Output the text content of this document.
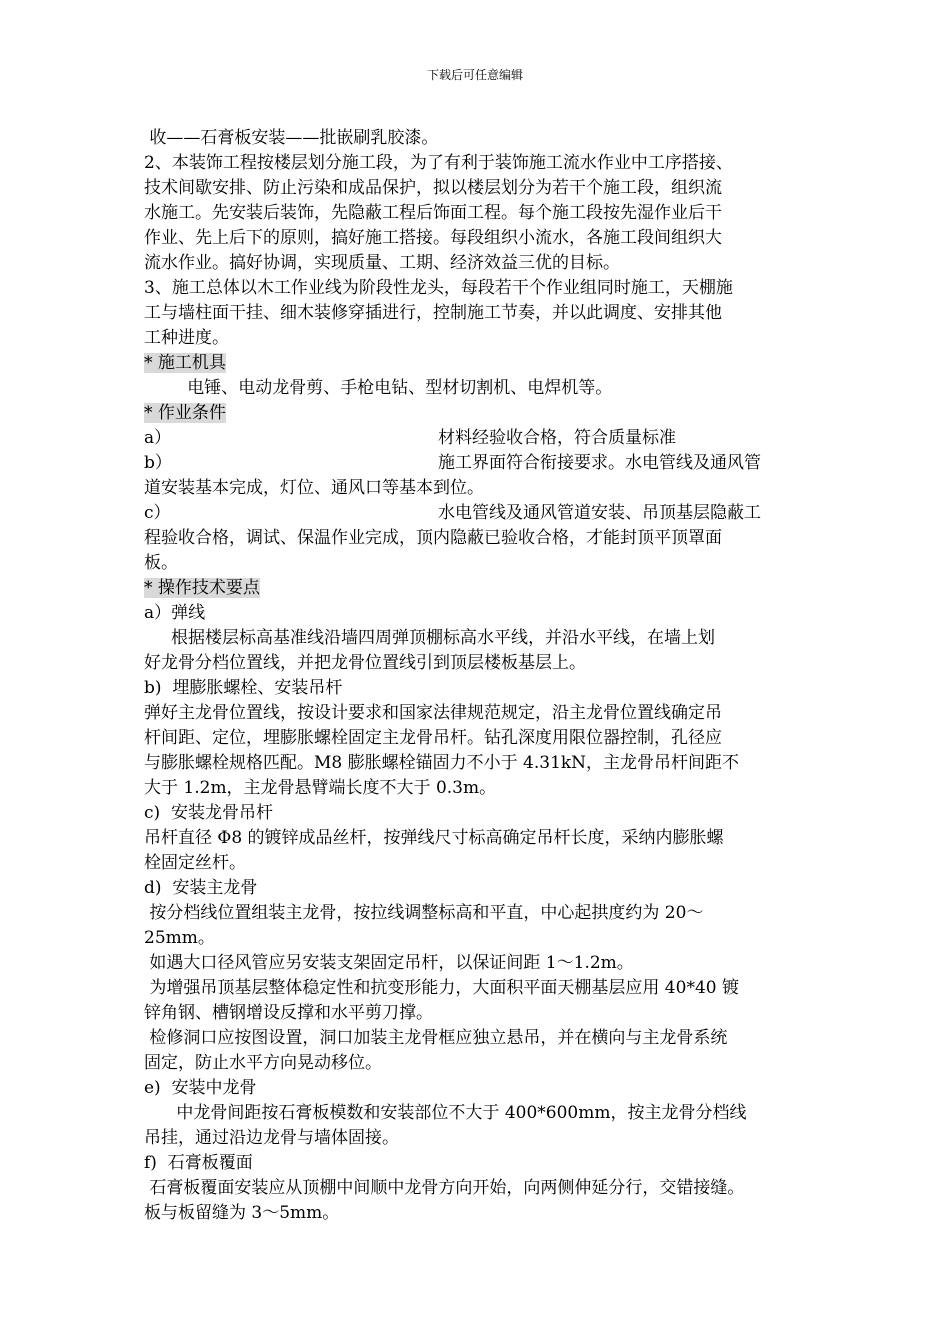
下载后可任意编辑
收——石膏板安装——批嵌刷乳胶漆。
2、本装饰工程按楼层划分施工段，为了有利于装饰施工流水作业中工序搭接、
技术间歇安排、防止污染和成品保护，拟以楼层划分为若干个施工段，组织流
水施工。先安装后装饰，先隐蔽工程后饰面工程。每个施工段按先湿作业后干
作业、先上后下的原则，搞好施工搭接。每段组织小流水，各施工段间组织大
流水作业。搞好协调，实现质量、工期、经济效益三优的目标。
3、施工总体以木工作业线为阶段性龙头，每段若干个作业组同时施工，天棚施
工与墙柱面干挂、细木装修穿插进行，控制施工节奏，并以此调度、安排其他
工种进度。
* 施工机具
电锤、电动龙骨剪、手枪电钻、型材切割机、电焊机等。
* 作业条件
a）	材料经验收合格，符合质量标准
b）	施工界面符合衔接要求。水电管线及通风管
道安装基本完成，灯位、通风口等基本到位。
c）	水电管线及通风管道安装、吊顶基层隐蔽工
程验收合格，调试、保温作业完成，顶内隐蔽已验收合格，才能封顶平顶罩面
板。
* 操作技术要点
a）弹线
根据楼层标高基准线沿墙四周弹顶棚标高水平线，并沿水平线，在墙上划
好龙骨分档位置线，并把龙骨位置线引到顶层楼板基层上。
b)  埋膨胀螺栓、安装吊杆
弹好主龙骨位置线，按设计要求和国家法律规范规定，沿主龙骨位置线确定吊
杆间距、定位，埋膨胀螺栓固定主龙骨吊杆。钻孔深度用限位器控制，孔径应
与膨胀螺栓规格匹配。M8 膨胀螺栓锚固力不小于 4.31kN，主龙骨吊杆间距不
大于 1.2m，主龙骨悬臂端长度不大于 0.3m。
c)  安装龙骨吊杆
吊杆直径 Φ8 的镀锌成品丝杆，按弹线尺寸标高确定吊杆长度，采纳内膨胀螺
栓固定丝杆。
d)  安装主龙骨
按分档线位置组装主龙骨，按拉线调整标高和平直，中心起拱度约为 20～
25mm。
如遇大口径风管应另安装支架固定吊杆，以保证间距 1～1.2m。
为增强吊顶基层整体稳定性和抗变形能力，大面积平面天棚基层应用 40*40 镀
锌角钢、槽钢增设反撑和水平剪刀撑。
检修洞口应按图设置，洞口加装主龙骨框应独立悬吊，并在横向与主龙骨系统
固定，防止水平方向晃动移位。
e)  安装中龙骨
中龙骨间距按石膏板模数和安装部位不大于 400*600mm，按主龙骨分档线
吊挂，通过沿边龙骨与墙体固接。
f)  石膏板覆面
石膏板覆面安装应从顶棚中间顺中龙骨方向开始，向两侧伸延分行，交错接缝。
板与板留缝为 3～5mm。
